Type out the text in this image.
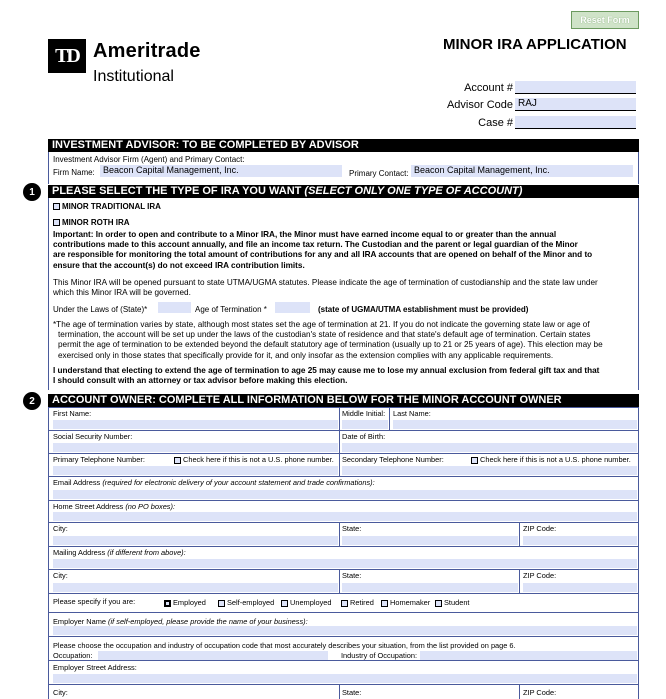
Reset Form
TD Ameritrade
Institutional
MINOR IRA APPLICATION
Account #
Advisor Code RAJ
Case #
INVESTMENT ADVISOR: TO BE COMPLETED BY ADVISOR
Investment Advisor Firm (Agent) and Primary Contact:
Firm Name: Beacon Capital Management, Inc.	Primary Contact: Beacon Capital Management, Inc.
1	PLEASE SELECT THE TYPE OF IRA YOU WANT (SELECT ONLY ONE TYPE OF ACCOUNT)
MINOR TRADITIONAL IRA
MINOR ROTH IRA
Important: In order to open and contribute to a Minor IRA, the Minor must have earned income equal to or greater than the annual
contributions made to this account annually, and file an income tax return. The Custodian and the parent or legal guardian of the Minor
are responsible for monitoring the total amount of contributions for any and all IRA accounts that are opened on behalf of the Minor and to
ensure that the account(s) do not exceed IRA contribution limits.
This Minor IRA will be opened pursuant to state UTMA/UGMA statutes. Please indicate the age of termination of custodianship and the state law under
which this Minor IRA will be governed.
Under the Laws of (State)*	Age of Termination *	(state of UGMA/UTMA establishment must be provided)
*The age of termination varies by state, although most states set the age of termination at 21. If you do not indicate the governing state law or age of
termination, the account will be set up under the laws of the custodian's state of residence and that state's default age of termination. Certain states
permit the age of termination to be extended beyond the default statutory age of termination (usually up to 21 or 25 years of age). This election may be
exercised only in those states that specifically provide for it, and only insofar as the extension complies with any applicable requirements.
I understand that electing to extend the age of termination to age 25 may cause me to lose my annual exclusion from federal gift tax and that
I should consult with an attorney or tax advisor before making this election.
2	ACCOUNT OWNER: COMPLETE ALL INFORMATION BELOW FOR THE MINOR ACCOUNT OWNER
First Name:	Middle Initial: Last Name:
Social Security Number:	Date of Birth:
Primary Telephone Number:	Check here if this is not a U.S. phone number. Secondary Telephone Number:	Check here if this is not a U.S. phone number.
Email Address (required for electronic delivery of your account statement and trade confirmations):
Home Street Address (no PO boxes):
City:	State:	ZIP Code:
Mailing Address (if different from above):
City:	State:	ZIP Code:
Please specify if you are:	Employed	Self-employed	Unemployed	Retired	Homemaker	Student
Employer Name (if self-employed, please provide the name of your business):
Please choose the occupation and industry of occupation code that most accurately describes your situation, from the list provided on page 6.
Occupation:	Industry of Occupation:
Employer Street Address:
City:	State:	ZIP Code:
